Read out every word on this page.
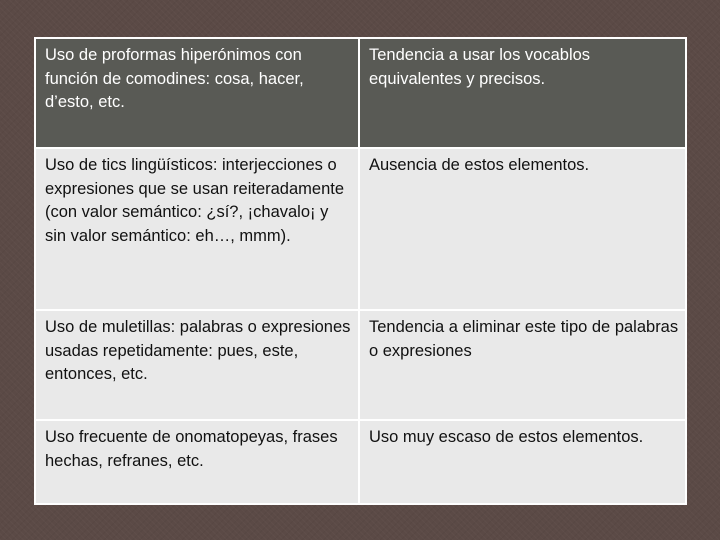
Uso de proformas hiperónimos con función de comodines: cosa, hacer, d’esto, etc.	Tendencia a usar los vocablos equivalentes y precisos.
Uso de tics lingüísticos: interjecciones o expresiones que se usan reiteradamente (con valor semántico: ¿sí?, ¡chavalo¡ y sin valor semántico: eh…, mmm).	Ausencia de estos elementos.
Uso de muletillas: palabras o expresiones usadas repetidamente: pues, este, entonces, etc.	Tendencia a eliminar este tipo de palabras o expresiones
Uso frecuente de onomatopeyas, frases hechas, refranes, etc.	Uso muy escaso de estos elementos.
